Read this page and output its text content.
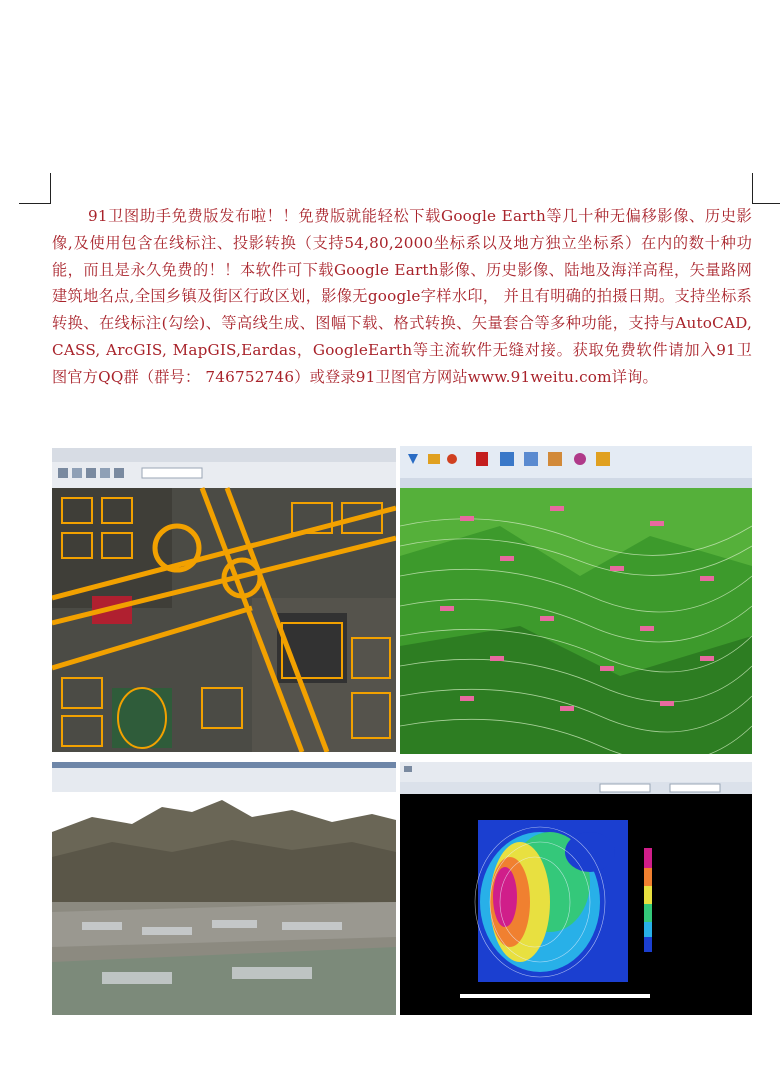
91卫图助手免费版发布啦！！免费版就能轻松下载Google Earth等几十种无偏移影像、历史影像,及使用包含在线标注、投影转换（支持54,80,2000坐标系以及地方独立坐标系）在内的数十种功能，而且是永久免费的！！本软件可下载Google Earth影像、历史影像、陆地及海洋高程，矢量路网建筑地名点,全国乡镇及街区行政区划，影像无google字样水印， 并且有明确的拍摄日期。支持坐标系转换、在线标注(勾绘)、等高线生成、图幅下载、格式转换、矢量套合等多种功能，支持与AutoCAD, CASS, ArcGIS, MapGIS,Eardas，GoogleEarth等主流软件无缝对接。获取免费软件请加入91卫图官方QQ群（群号： 746752746）或登录91卫图官方网站www.91weitu.com详询。
